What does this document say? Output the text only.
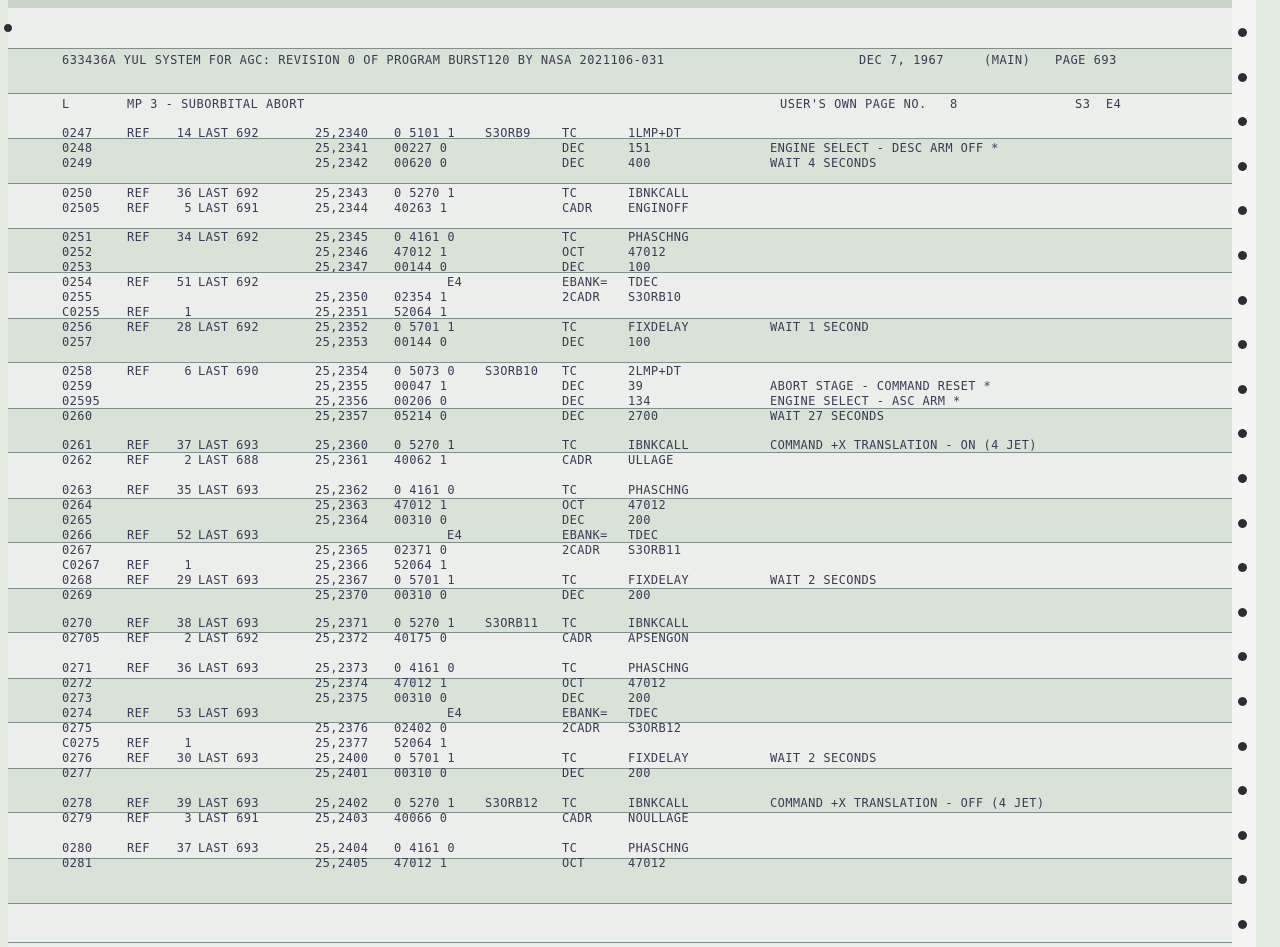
633436A YUL SYSTEM FOR AGC: REVISION 0 OF PROGRAM BURST120 BY NASA 2021106-031	DEC 7, 1967	(MAIN) PAGE 693
L	MP 3 - SUBORBITAL ABORT	USER'S OWN PAGE NO.   8	S3  E4
0247	REF	14 LAST 692	25,2340 0 5101 1	S3ORB9	TC	1LMP+DT
0248	25,2341 00227 0	DEC	151	ENGINE SELECT - DESC ARM OFF *
0249	25,2342 00620 0	DEC	400	WAIT 4 SECONDS
0250	REF	36 LAST 692	25,2343 0 5270 1	TC	IBNKCALL
02505 REF	5 LAST 691	25,2344 40263 1	CADR	ENGINOFF
0251	REF	34 LAST 692	25,2345 0 4161 0	TC	PHASCHNG
0252	25,2346 47012 1	OCT	47012
0253	25,2347 00144 0	DEC	100
0254	REF	51 LAST 692	E4	EBANK= TDEC
0255	25,2350 02354 1	2CADR S3ORB10
C0255 REF	1	25,2351 52064 1
0256	REF	28 LAST 692	25,2352 0 5701 1	TC	FIXDELAY	WAIT 1 SECOND
0257	25,2353 00144 0	DEC	100
0258	REF	6 LAST 690	25,2354 0 5073 0	S3ORB10 TC	2LMP+DT
0259	25,2355 00047 1	DEC	39	ABORT STAGE - COMMAND RESET *
02595	25,2356 00206 0	DEC	134	ENGINE SELECT - ASC ARM *
0260	25,2357 05214 0	DEC	2700	WAIT 27 SECONDS
0261	REF	37 LAST 693	25,2360 0 5270 1	TC	IBNKCALL	COMMAND +X TRANSLATION - ON (4 JET)
0262	REF	2 LAST 688	25,2361 40062 1	CADR	ULLAGE
0263	REF	35 LAST 693	25,2362 0 4161 0	TC	PHASCHNG
0264	25,2363 47012 1	OCT	47012
0265	25,2364 00310 0	DEC	200
0266	REF	52 LAST 693	E4	EBANK= TDEC
0267	25,2365 02371 0	2CADR S3ORB11
C0267 REF	1	25,2366 52064 1
0268	REF	29 LAST 693	25,2367 0 5701 1	TC	FIXDELAY	WAIT 2 SECONDS
0269	25,2370 00310 0	DEC	200
0270	REF	38 LAST 693	25,2371 0 5270 1	S3ORB11 TC	IBNKCALL
02705 REF	2 LAST 692	25,2372 40175 0	CADR	APSENGON
0271	REF	36 LAST 693	25,2373 0 4161 0	TC	PHASCHNG
0272	25,2374 47012 1	OCT	47012
0273	25,2375 00310 0	DEC	200
0274	REF	53 LAST 693	E4	EBANK= TDEC
0275	25,2376 02402 0	2CADR S3ORB12
C0275 REF	1	25,2377 52064 1
0276	REF	30 LAST 693	25,2400 0 5701 1	TC	FIXDELAY	WAIT 2 SECONDS
0277	25,2401 00310 0	DEC	200
0278	REF	39 LAST 693	25,2402 0 5270 1	S3ORB12 TC	IBNKCALL	COMMAND +X TRANSLATION - OFF (4 JET)
0279	REF	3 LAST 691	25,2403 40066 0	CADR	NOULLAGE
0280	REF	37 LAST 693	25,2404 0 4161 0	TC	PHASCHNG
0281	25,2405 47012 1	OCT	47012
